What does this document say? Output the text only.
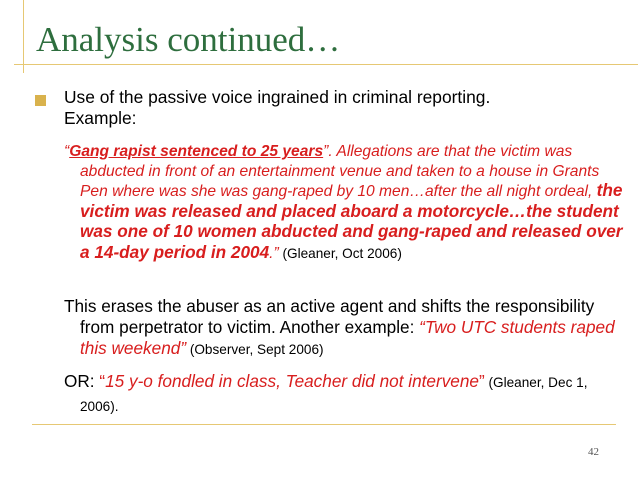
Analysis continued…

Use of the passive voice ingrained in criminal reporting.

Example:

“Gang rapist sentenced to 25 years”. Allegations are that the victim was abducted in front of an entertainment venue and taken to a house in Grants Pen where was she was gang-raped by 10 men…after the all night ordeal, the victim was released and placed aboard a motorcycle…the student was one of 10 women abducted and gang-raped and released over a 14-day period in 2004.” (Gleaner, Oct 2006)

This erases the abuser as an active agent and shifts the responsibility from perpetrator to victim. Another example: “Two UTC students raped this weekend” (Observer, Sept 2006)

OR: “15 y-o fondled in class, Teacher did not intervene” (Gleaner, Dec 1, 2006).

42
